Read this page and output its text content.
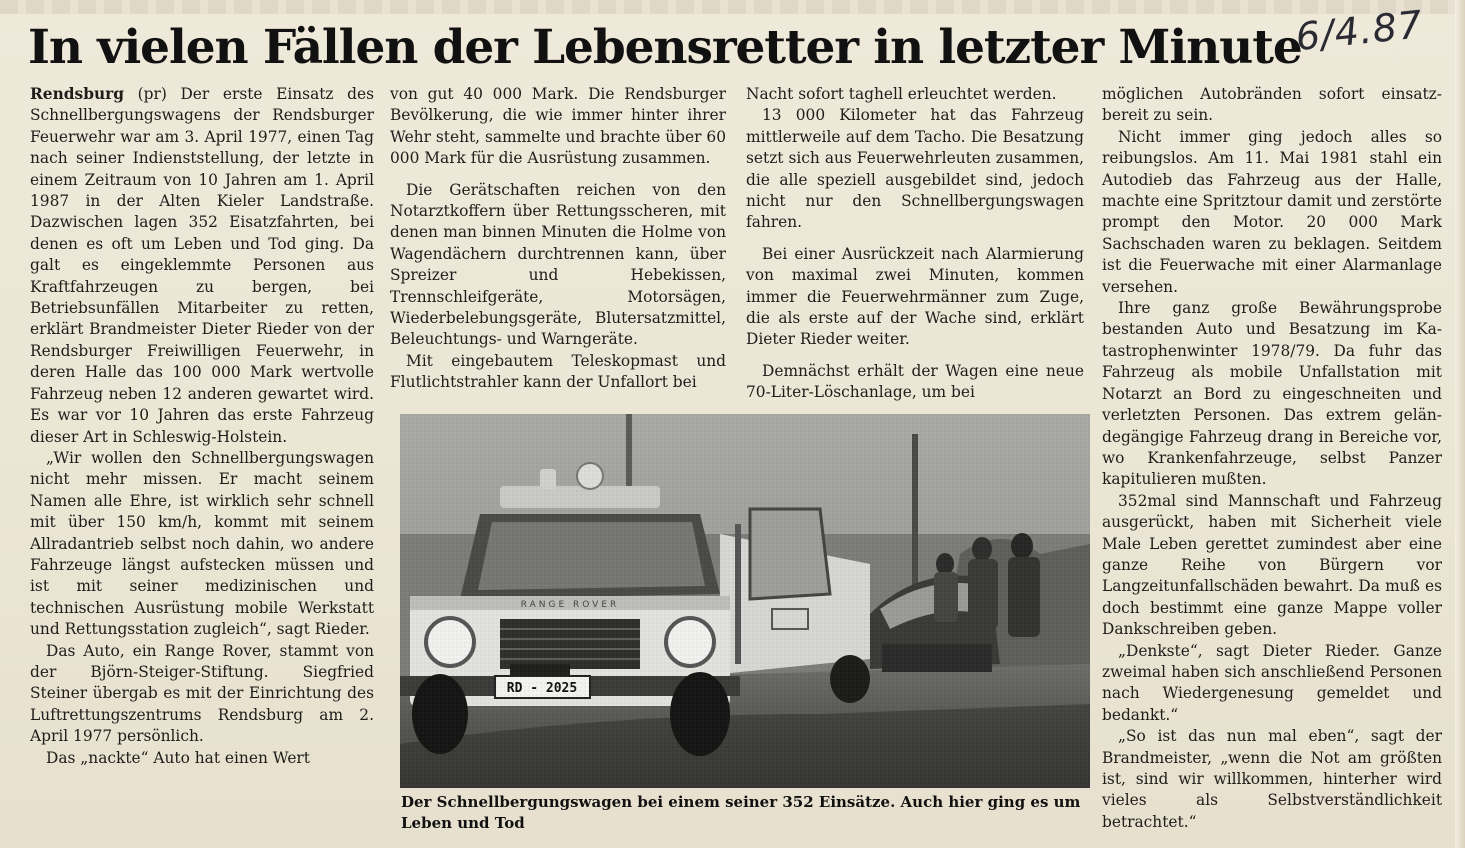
In vielen Fällen der Lebensretter in letzter Minute
6/4.87

Rendsburg (pr) Der erste Einsatz des Schnellbergungswagens der Rendsburger Feuerwehr war am 3. April 1977, einen Tag nach seiner Indienststellung, der letzte in einem Zeitraum von 10 Jahren am 1. April 1987 in der Alten Kieler Landstraße. Dazwischen lagen 352 Eisatzfahrten, bei denen es oft um Leben und Tod ging. Da galt es eingeklemmte Personen aus Kraftfahrzeugen zu bergen, bei Betriebsunfällen Mitarbeiter zu retten, erklärt Brandmeister Dieter Rieder von der Rendsburger Freiwilligen Feuerwehr, in deren Halle das 100 000 Mark wertvolle Fahrzeug neben 12 anderen gewartet wird. Es war vor 10 Jahren das erste Fahrzeug dieser Art in Schleswig-Holstein.

„Wir wollen den Schnellbergungswagen nicht mehr missen. Er macht seinem Namen alle Ehre, ist wirklich sehr schnell mit über 150 km/h, kommt mit seinem Allradantrieb selbst noch dahin, wo andere Fahrzeuge längst aufstecken müssen und ist mit seiner medizinischen und technischen Ausrüstung mobile Werkstatt und Rettungsstation zugleich“, sagt Rieder.

Das Auto, ein Range Rover, stammt von der Björn-Steiger-Stiftung. Siegfried Steiner übergab es mit der Einrichtung des Luftrettungszentrums Rendsburg am 2. April 1977 persönlich.

Das „nackte“ Auto hat einen Wert

von gut 40 000 Mark. Die Rendsburger Bevölkerung, die wie immer hinter ihrer Wehr steht, sammelte und brachte über 60 000 Mark für die Ausrüstung zusammen.

Die Gerätschaften reichen von den Notarztkoffern über Rettungsscheren, mit denen man binnen Minuten die Holme von Wagendächern durchtrennen kann, über Spreizer und Hebekissen, Trennschleifgeräte, Motorsägen, Wiederbelebungsgeräte, Blutersatzmittel, Beleuchtungs- und Warngeräte.

Mit eingebautem Teleskopmast und Flutlichtstrahler kann der Unfallort bei

Nacht sofort taghell erleuchtet werden.

13 000 Kilometer hat das Fahrzeug mittlerweile auf dem Tacho. Die Besatzung setzt sich aus Feuerwehrleuten zusammen, die alle speziell ausgebildet sind, jedoch nicht nur den Schnellbergungswagen fahren.

Bei einer Ausrückzeit nach Alarmierung von maximal zwei Minuten, kommen immer die Feuerwehrmänner zum Zuge, die als erste auf der Wache sind, erklärt Dieter Rieder weiter.

Demnächst erhält der Wagen eine neue 70-Liter-Löschanlage, um bei

möglichen Autobränden sofort einsatzbereit zu sein.

Nicht immer ging jedoch alles so reibungslos. Am 11. Mai 1981 stahl ein Autodieb das Fahrzeug aus der Halle, machte eine Spritztour damit und zerstörte prompt den Motor. 20 000 Mark Sachschaden waren zu beklagen. Seitdem ist die Feuerwache mit einer Alarmanlage versehen.

Ihre ganz große Bewährungsprobe bestanden Auto und Besatzung im Katastrophenwinter 1978/79. Da fuhr das Fahrzeug als mobile Unfallstation mit Notarzt an Bord zu eingeschneiten und verletzten Personen. Das extrem geländegängige Fahrzeug drang in Bereiche vor, wo Krankenfahrzeuge, selbst Panzer kapitulieren mußten.

352mal sind Mannschaft und Fahrzeug ausgerückt, haben mit Sicherheit viele Male Leben gerettet zumindest aber eine ganze Reihe von Bürgern vor Langzeitunfallschäden bewahrt. Da muß es doch bestimmt eine ganze Mappe voller Dankschreiben geben.

„Denkste“, sagt Dieter Rieder. Ganze zweimal haben sich anschließend Personen nach Wiedergenesung gemeldet und bedankt.“

„So ist das nun mal eben“, sagt der Brandmeister, „wenn die Not am größten ist, sind wir willkommen, hinterher wird vieles als Selbstverständlichkeit betrachtet.“

Der Schnellbergungswagen bei einem seiner 352 Einsätze. Auch hier ging es um Leben und Tod
